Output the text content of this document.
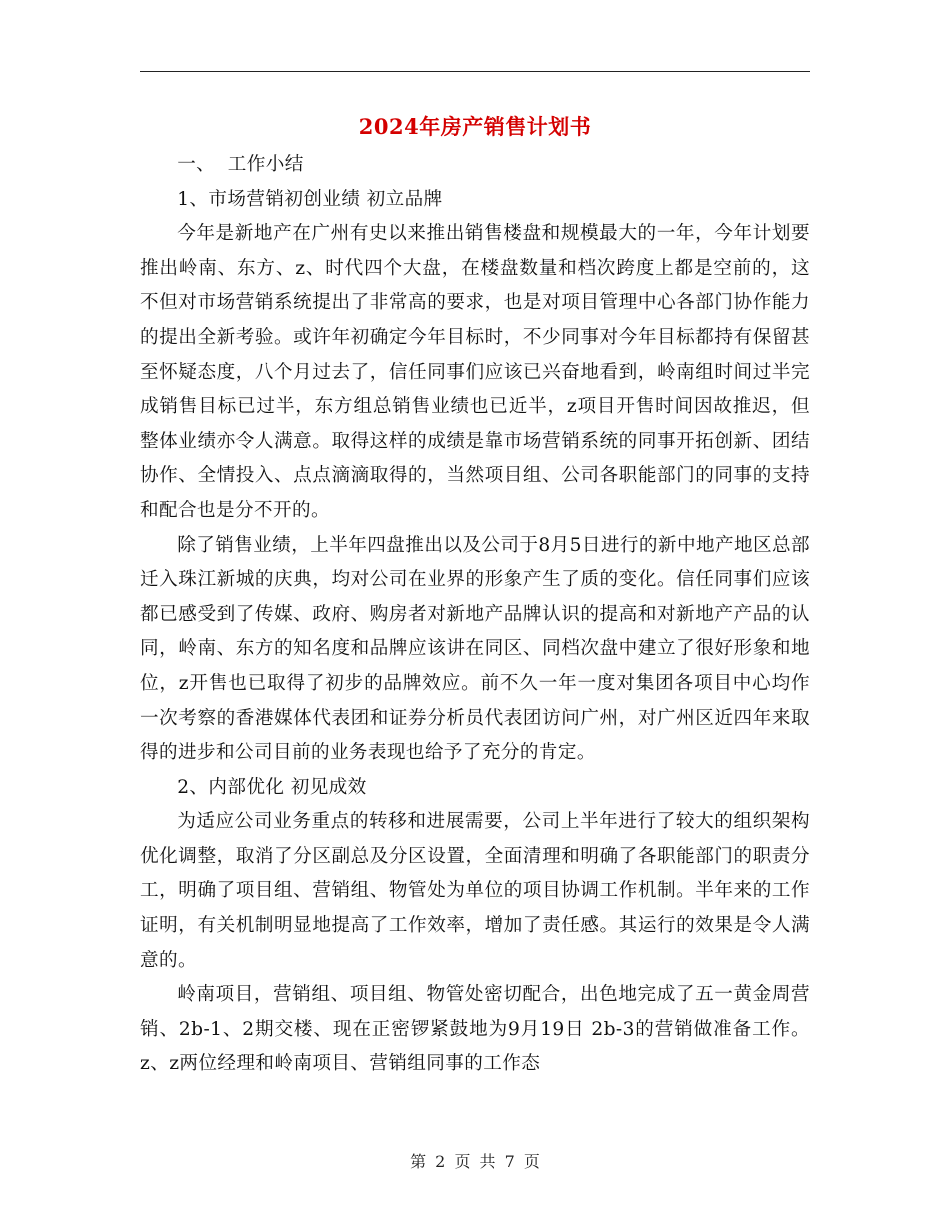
2024年房产销售计划书

一、  工作小结

1、市场营销初创业绩 初立品牌

今年是新地产在广州有史以来推出销售楼盘和规模最大的一年，今年计划要推出岭南、东方、z、时代四个大盘，在楼盘数量和档次跨度上都是空前的，这不但对市场营销系统提出了非常高的要求，也是对项目管理中心各部门协作能力的提出全新考验。或许年初确定今年目标时，不少同事对今年目标都持有保留甚至怀疑态度，八个月过去了，信任同事们应该已兴奋地看到，岭南组时间过半完成销售目标已过半，东方组总销售业绩也已近半，z项目开售时间因故推迟，但整体业绩亦令人满意。取得这样的成绩是靠市场营销系统的同事开拓创新、团结协作、全情投入、点点滴滴取得的，当然项目组、公司各职能部门的同事的支持和配合也是分不开的。

除了销售业绩，上半年四盘推出以及公司于8月5日进行的新中地产地区总部迁入珠江新城的庆典，均对公司在业界的形象产生了质的变化。信任同事们应该都已感受到了传媒、政府、购房者对新地产品牌认识的提高和对新地产产品的认同，岭南、东方的知名度和品牌应该讲在同区、同档次盘中建立了很好形象和地位，z开售也已取得了初步的品牌效应。前不久一年一度对集团各项目中心均作一次考察的香港媒体代表团和证券分析员代表团访问广州，对广州区近四年来取得的进步和公司目前的业务表现也给予了充分的肯定。

2、内部优化 初见成效

为适应公司业务重点的转移和进展需要，公司上半年进行了较大的组织架构优化调整，取消了分区副总及分区设置，全面清理和明确了各职能部门的职责分工，明确了项目组、营销组、物管处为单位的项目协调工作机制。半年来的工作证明，有关机制明显地提高了工作效率，增加了责任感。其运行的效果是令人满意的。

岭南项目，营销组、项目组、物管处密切配合，出色地完成了五一黄金周营销、2b-1、2期交楼、现在正密锣紧鼓地为9月19日 2b-3的营销做准备工作。z、z两位经理和岭南项目、营销组同事的工作态

第 2 页 共 7 页
